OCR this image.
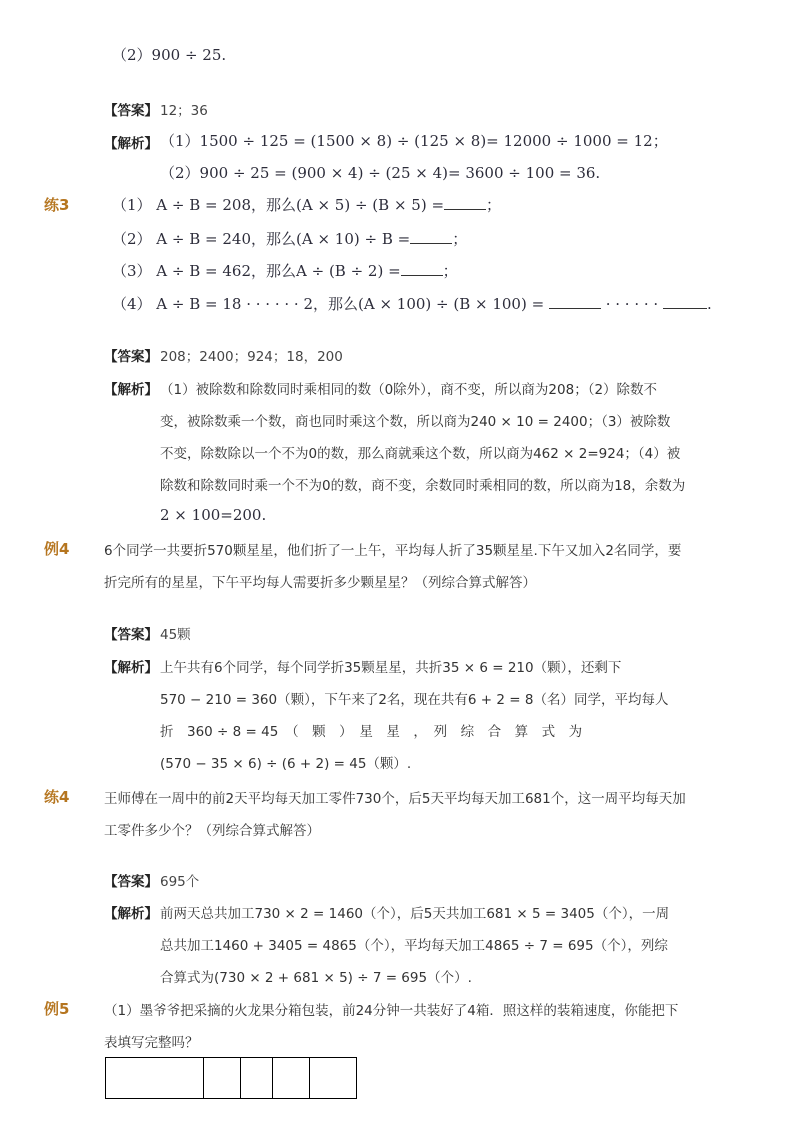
（2）900 ÷ 25.
【答案】 12；36
【解析】 （1）1500 ÷ 125 = (1500 × 8) ÷ (125 × 8)= 12000 ÷ 1000 = 12；
（2）900 ÷ 25 = (900 × 4) ÷ (25 × 4)= 3600 ÷ 100 = 36.
练3	（1） A ÷ B = 208，那么(A × 5) ÷ (B × 5) =	；
（2） A ÷ B = 240，那么(A × 10) ÷ B =	；
（3） A ÷ B = 462，那么A ÷ (B ÷ 2) =	；
（4） A ÷ B = 18 · · · · · · 2，那么(A × 100) ÷ (B × 100) =	· · · · · ·	.
【答案】 208；2400；924；18，200
【解析】 （1）被除数和除数同时乘相同的数（0除外），商不变，所以商为208；（2）除数不
变，被除数乘一个数，商也同时乘这个数，所以商为240 × 10 = 2400；（3）被除数
不变，除数除以一个不为0的数，那么商就乘这个数，所以商为462 × 2=924；（4）被
除数和除数同时乘一个不为0的数，商不变，余数同时乘相同的数，所以商为18，余数为
2 × 100=200.
例4	6个同学一共要折570颗星星，他们折了一上午，平均每人折了35颗星星.下午又加入2名同学，要
折完所有的星星，下午平均每人需要折多少颗星星？（列综合算式解答）
【答案】 45颗
【解析】 上午共有6个同学，每个同学折35颗星星，共折35 × 6 = 210（颗），还剩下
570 − 210 = 360（颗），下午来了2名，现在共有6 + 2 = 8（名）同学，平均每人
折　360 ÷ 8 = 45　（　颗　）　星　星　，　列　综　合　算　式　为
(570 − 35 × 6) ÷ (6 + 2) = 45（颗）.
练4	王师傅在一周中的前2天平均每天加工零件730个，后5天平均每天加工681个，这一周平均每天加
工零件多少个？（列综合算式解答）
【答案】 695个
【解析】 前两天总共加工730 × 2 = 1460（个），后5天共加工681 × 5 = 3405（个），一周
总共加工1460 + 3405 = 4865（个），平均每天加工4865 ÷ 7 = 695（个），列综
合算式为(730 × 2 + 681 × 5) ÷ 7 = 695（个）.
例5	（1）墨爷爷把采摘的火龙果分箱包装，前24分钟一共装好了4箱．照这样的装箱速度，你能把下
表填写完整吗？
